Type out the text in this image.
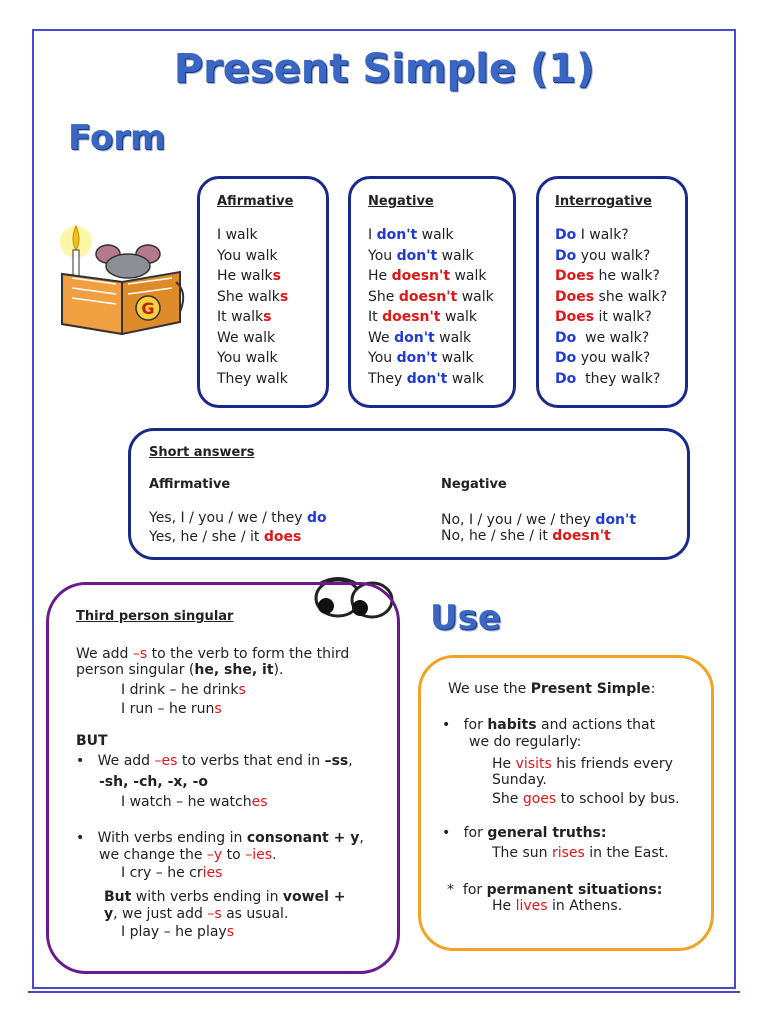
Present Simple (1)
Form
G
Afirmative
I walk
You walk
He walks
She walks
It walks
We walk
You walk
They walk
Negative
I don't walk
You don't walk
He doesn't walk
She doesn't walk
It doesn't walk
We don't walk
You don't walk
They don't walk
Interrogative
Do I walk?
Do you walk?
Does he walk?
Does she walk?
Does it walk?
Do  we walk?
Do you walk?
Do  they walk?
Short answers
Affirmative	Negative
Yes, I / you / we / they do
Yes, he / she / it does
No, I / you / we / they don't
No, he / she / it doesn't
Use
Third person singular
We add –s to the verb to form the third
person singular (he, she, it).
I drink – he drinks
I run – he runs
BUT
•   We add –es to verbs that end in –ss,
-sh, -ch, -x, -o
I watch – he watches
•   With verbs ending in consonant + y,
we change the –y to –ies.
I cry – he cries
But with verbs ending in vowel +
y, we just add –s as usual.
I play – he plays
We use the Present Simple:
•   for habits and actions that
we do regularly:
He visits his friends every
Sunday.
She goes to school by bus.
•   for general truths:
The sun rises in the East.
*  for permanent situations:
He lives in Athens.
